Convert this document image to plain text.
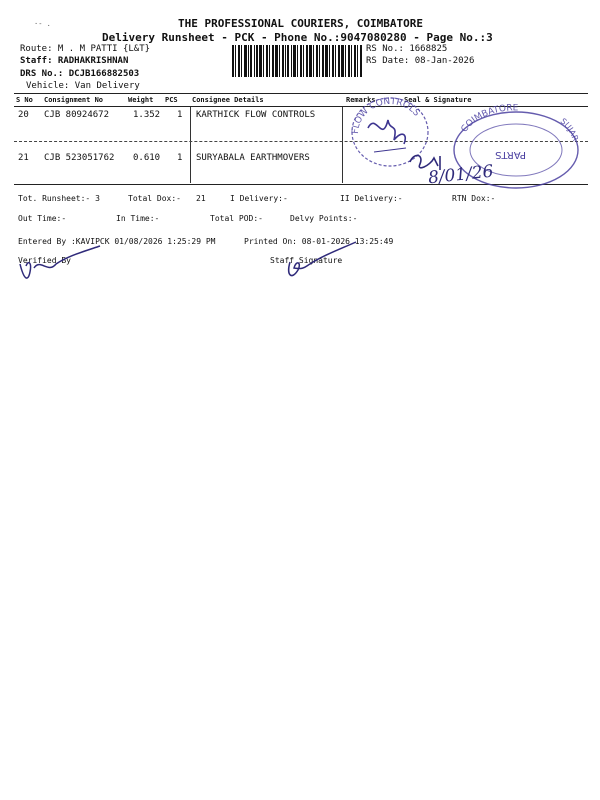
THE PROFESSIONAL COURIERS, COIMBATORE
Delivery Runsheet - PCK - Phone No.:9047080280 - Page No.:3
·- .
Route: M . M PATTI {L&T}
Staff: RADHAKRISHNAN
DRS No.: DCJB166882503
Vehicle: Van Delivery
RS No.: 1668825
RS Date: 08-Jan-2026
S No Consignment No	Weight PCS Consignee Details	Remarks	Seal & Signature
20 CJB 80924672	1.352 1 KARTHICK FLOW CONTROLS
21 CJB 523051762 0.610 1 SURYABALA EARTHMOVERS
FLOW CONTROLS
COIMBATORE
PARTS
SUJAR
8/01/26
Tot. Runsheet:- 3	Total Dox:- 21	I Delivery:-	II Delivery:-	RTN Dox:-
Out Time:-	In Time:-	Total POD:-	Delvy Points:-
Entered By :KAVIPCK 01/08/2026 1:25:29 PM	Printed On: 08-01-2026 13:25:49
Verified By	Staff Signature
